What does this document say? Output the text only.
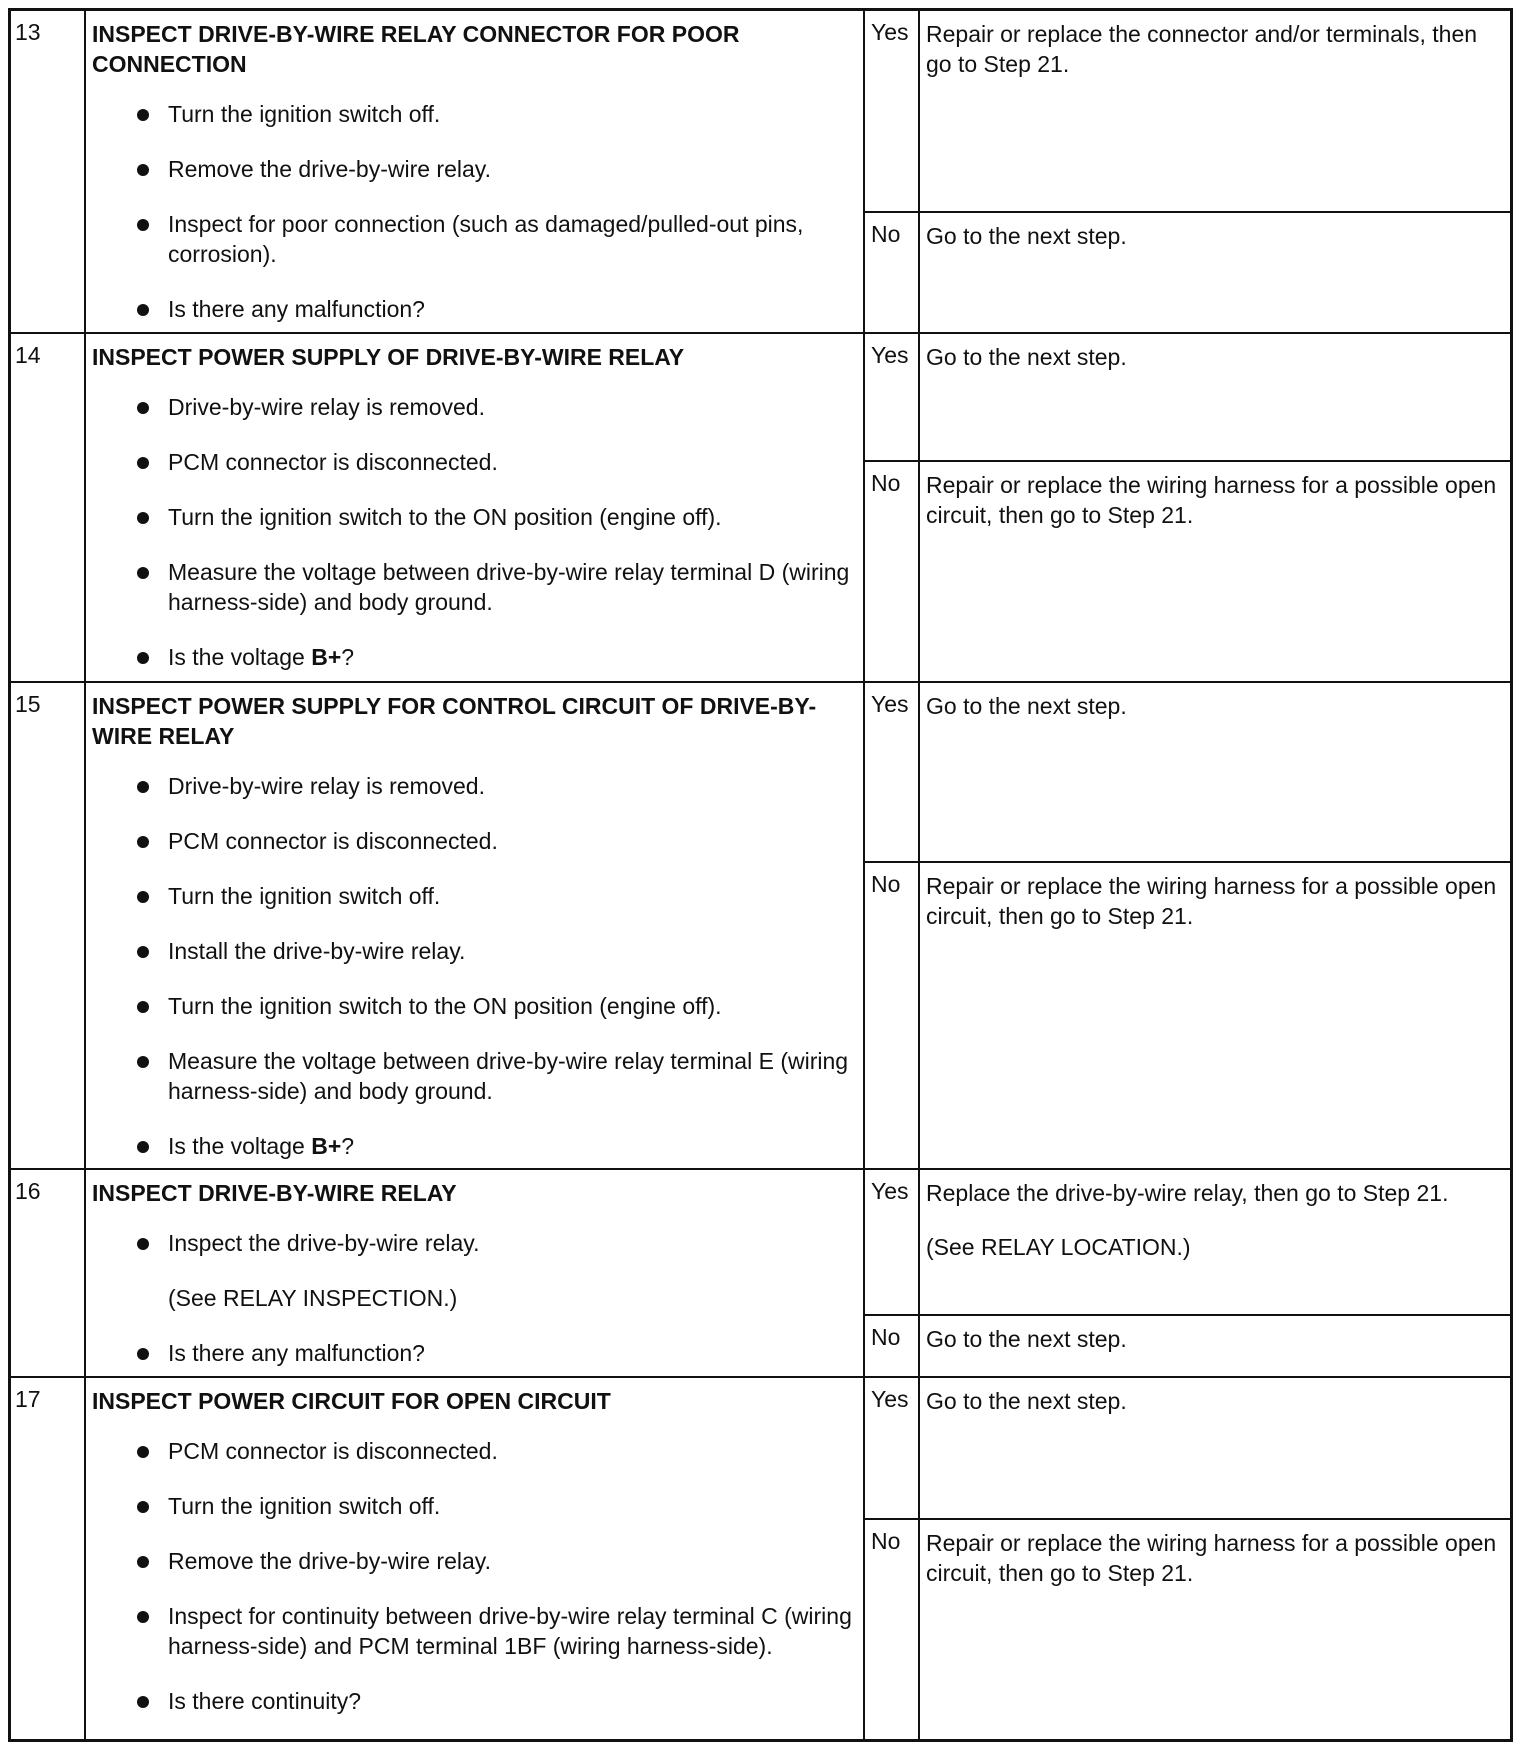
13	INSPECT DRIVE-BY-WIRE RELAY CONNECTOR FOR POOR CONNECTION
Turn the ignition switch off.
Remove the drive-by-wire relay.
Inspect for poor connection (such as damaged/pulled-out pins, corrosion).
Is there any malfunction?
Yes Repair or replace the connector and/or terminals, then go to Step 21.

No	Go to the next step.

14	INSPECT POWER SUPPLY OF DRIVE-BY-WIRE RELAY
Drive-by-wire relay is removed.
PCM connector is disconnected.
Turn the ignition switch to the ON position (engine off).
Measure the voltage between drive-by-wire relay terminal D (wiring harness-side) and body ground.
Is the voltage B+?
Yes Go to the next step.

No	Repair or replace the wiring harness for a possible open circuit, then go to Step 21.

15	INSPECT POWER SUPPLY FOR CONTROL CIRCUIT OF DRIVE-BY-WIRE RELAY
Drive-by-wire relay is removed.
PCM connector is disconnected.
Turn the ignition switch off.
Install the drive-by-wire relay.
Turn the ignition switch to the ON position (engine off).
Measure the voltage between drive-by-wire relay terminal E (wiring harness-side) and body ground.
Is the voltage B+?
Yes Go to the next step.

No	Repair or replace the wiring harness for a possible open circuit, then go to Step 21.

16	INSPECT DRIVE-BY-WIRE RELAY
Inspect the drive-by-wire relay.
(See RELAY INSPECTION.)
Is there any malfunction?
Yes Replace the drive-by-wire relay, then go to Step 21.

(See RELAY LOCATION.)

No	Go to the next step.

17	INSPECT POWER CIRCUIT FOR OPEN CIRCUIT
PCM connector is disconnected.
Turn the ignition switch off.
Remove the drive-by-wire relay.
Inspect for continuity between drive-by-wire relay terminal C (wiring harness-side) and PCM terminal 1BF (wiring harness-side).
Is there continuity?
Yes Go to the next step.

No	Repair or replace the wiring harness for a possible open circuit, then go to Step 21.
